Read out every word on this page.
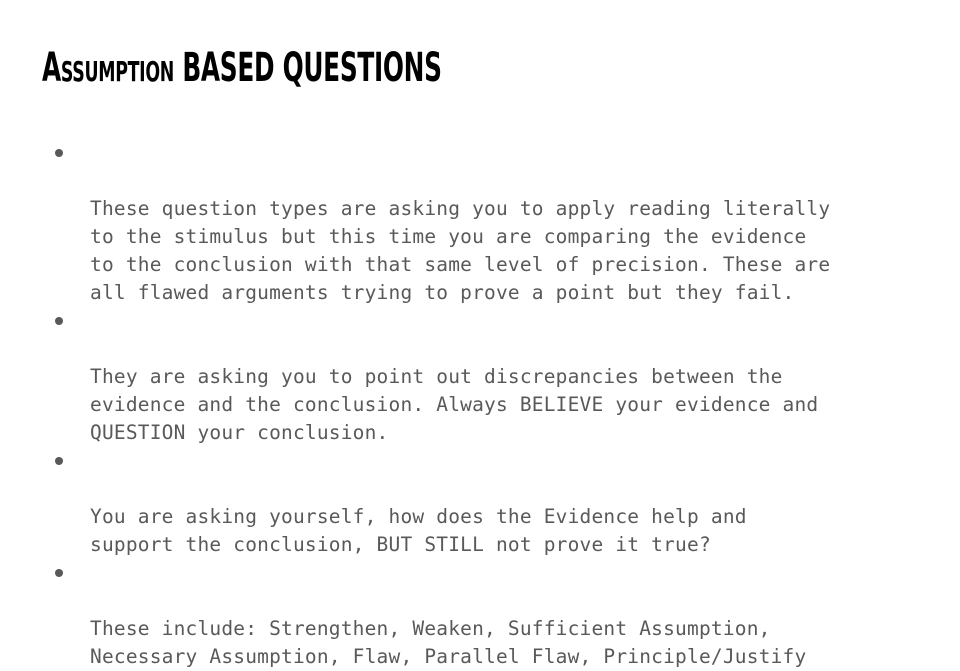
Assumption BASED QUESTIONS

These question types are asking you to apply reading literally
to the stimulus but this time you are comparing the evidence
to the conclusion with that same level of precision. These are
all flawed arguments trying to prove a point but they fail.

They are asking you to point out discrepancies between the
evidence and the conclusion. Always BELIEVE your evidence and
QUESTION your conclusion.

You are asking yourself, how does the Evidence help and
support the conclusion, BUT STILL not prove it true?

These include: Strengthen, Weaken, Sufficient Assumption,
Necessary Assumption, Flaw, Parallel Flaw, Principle/Justify
